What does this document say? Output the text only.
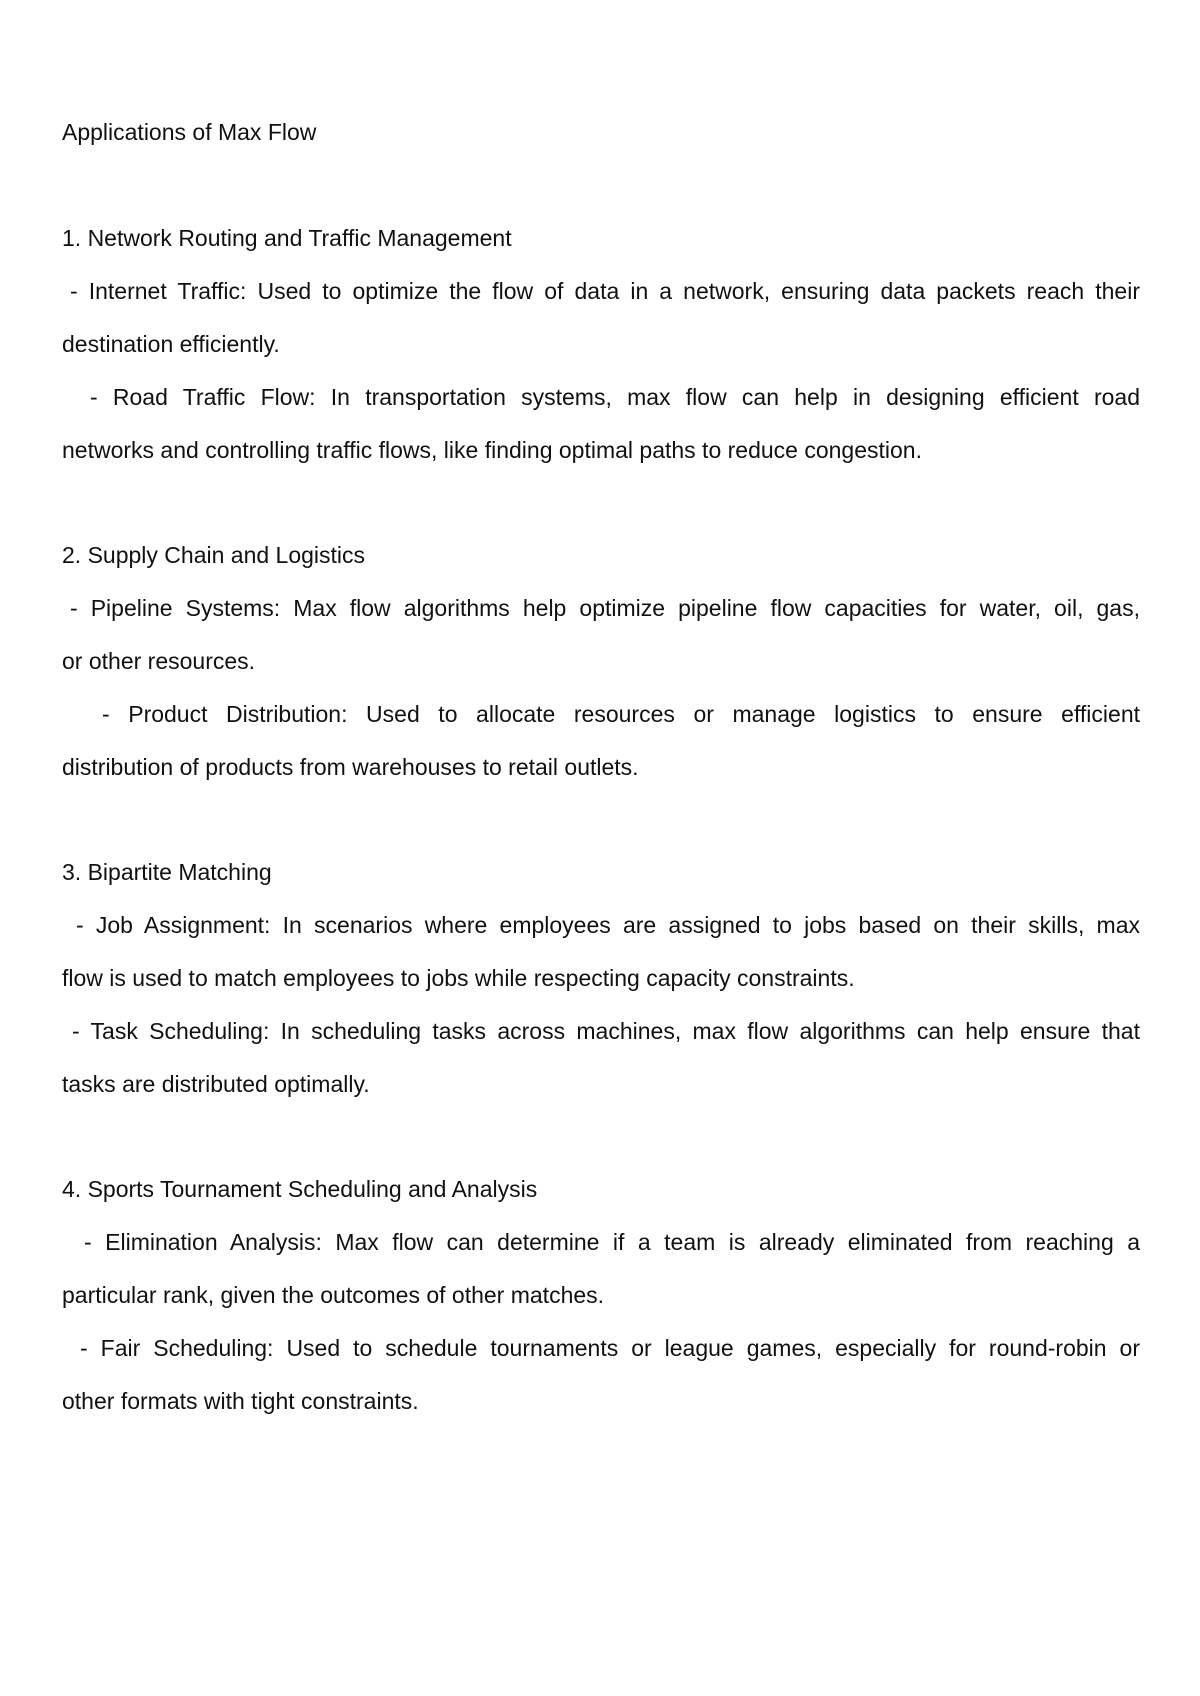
Applications of Max Flow
1. Network Routing and Traffic Management
- Internet Traffic: Used to optimize the flow of data in a network, ensuring data packets reach their
destination efficiently.
- Road Traffic Flow: In transportation systems, max flow can help in designing efficient road
networks and controlling traffic flows, like finding optimal paths to reduce congestion.
2. Supply Chain and Logistics
- Pipeline Systems: Max flow algorithms help optimize pipeline flow capacities for water, oil, gas,
or other resources.
- Product Distribution: Used to allocate resources or manage logistics to ensure efficient
distribution of products from warehouses to retail outlets.
3. Bipartite Matching
- Job Assignment: In scenarios where employees are assigned to jobs based on their skills, max
flow is used to match employees to jobs while respecting capacity constraints.
- Task Scheduling: In scheduling tasks across machines, max flow algorithms can help ensure that
tasks are distributed optimally.
4. Sports Tournament Scheduling and Analysis
- Elimination Analysis: Max flow can determine if a team is already eliminated from reaching a
particular rank, given the outcomes of other matches.
- Fair Scheduling: Used to schedule tournaments or league games, especially for round-robin or
other formats with tight constraints.
